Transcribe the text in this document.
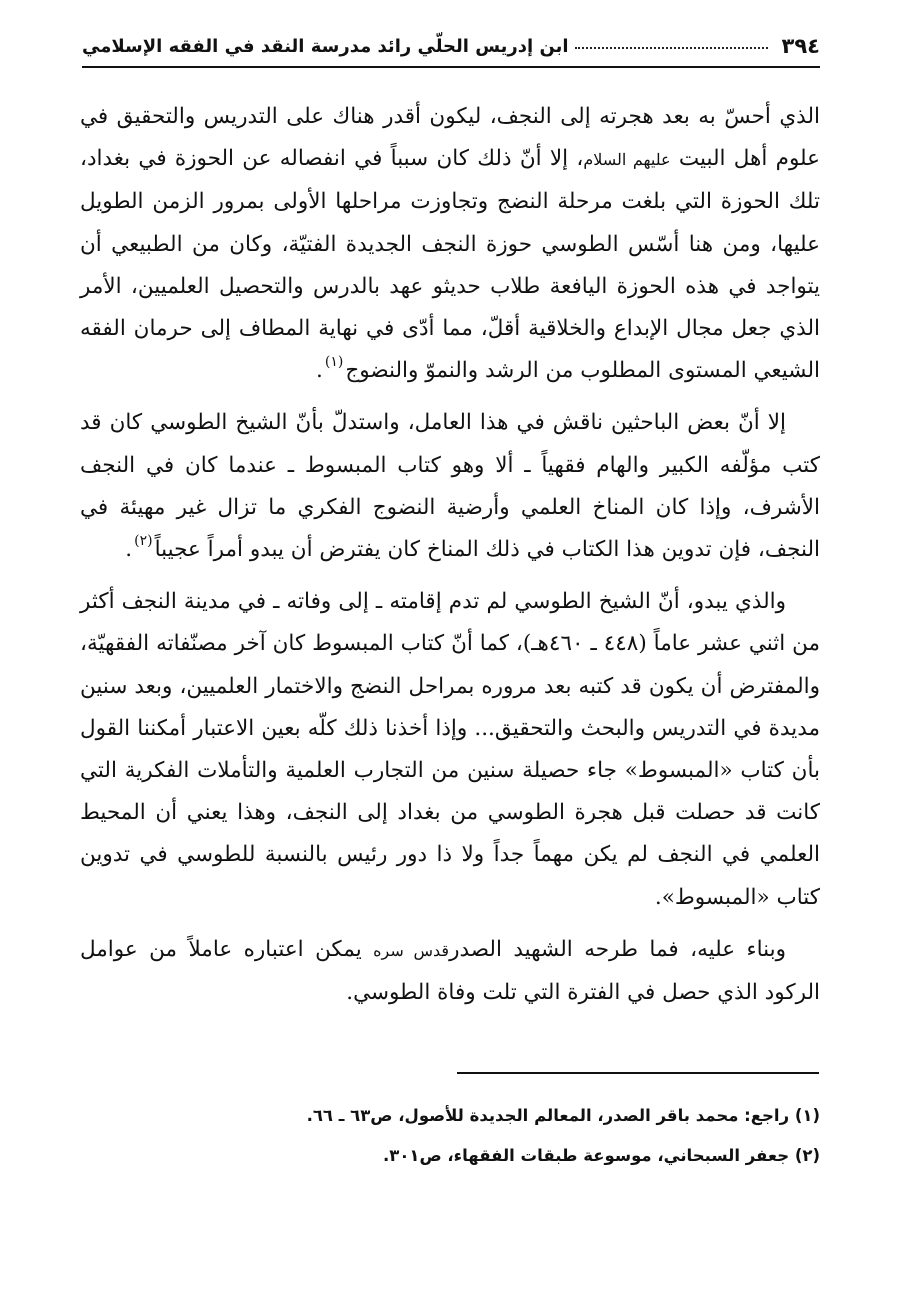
٣٩٤
ابن إدريس الحلّي رائد مدرسة النقد في الفقه الإسلامي

الذي أحسّ به بعد هجرته إلى النجف، ليكون أقدر هناك على التدريس والتحقيق في علوم أهل البيت عليهم السلام، إلا أنّ ذلك كان سبباً في انفصاله عن الحوزة في بغداد، تلك الحوزة التي بلغت مرحلة النضج وتجاوزت مراحلها الأولى بمرور الزمن الطويل عليها، ومن هنا أسّس الطوسي حوزة النجف الجديدة الفتيّة، وكان من الطبيعي أن يتواجد في هذه الحوزة اليافعة طلاب حديثو عهد بالدرس والتحصيل العلميين، الأمر الذي جعل مجال الإبداع والخلاقية أقلّ، مما أدّى في نهاية المطاف إلى حرمان الفقه الشيعي المستوى المطلوب من الرشد والنموّ والنضوج$^{(١)}$.

إلا أنّ بعض الباحثين ناقش في هذا العامل، واستدلّ بأنّ الشيخ الطوسي كان قد كتب مؤلّفه الكبير والهام فقهياً ـ ألا وهو كتاب المبسوط ـ عندما كان في النجف الأشرف، وإذا كان المناخ العلمي وأرضية النضوج الفكري ما تزال غير مهيئة في النجف، فإن تدوين هذا الكتاب في ذلك المناخ كان يفترض أن يبدو أمراً عجيباً$^{(٢)}$.

والذي يبدو، أنّ الشيخ الطوسي لم تدم إقامته ـ إلى وفاته ـ في مدينة النجف أكثر من اثني عشر عاماً (٤٤٨ ـ ٤٦٠هـ)، كما أنّ كتاب المبسوط كان آخر مصنّفاته الفقهيّة، والمفترض أن يكون قد كتبه بعد مروره بمراحل النضج والاختمار العلميين، وبعد سنين مديدة في التدريس والبحث والتحقيق... وإذا أخذنا ذلك كلّه بعين الاعتبار أمكننا القول بأن كتاب «المبسوط» جاء حصيلة سنين من التجارب العلمية والتأملات الفكرية التي كانت قد حصلت قبل هجرة الطوسي من بغداد إلى النجف، وهذا يعني أن المحيط العلمي في النجف لم يكن مهماً جداً ولا ذا دور رئيس بالنسبة للطوسي في تدوين كتاب «المبسوط».

وبناء عليه، فما طرحه الشهيد الصدرقدس سره يمكن اعتباره عاملاً من عوامل الركود الذي حصل في الفترة التي تلت وفاة الطوسي.

(١) راجع: محمد باقر الصدر، المعالم الجديدة للأصول، ص٦٣ ـ ٦٦.
(٢) جعفر السبحاني، موسوعة طبقات الفقهاء، ص٣٠١.
